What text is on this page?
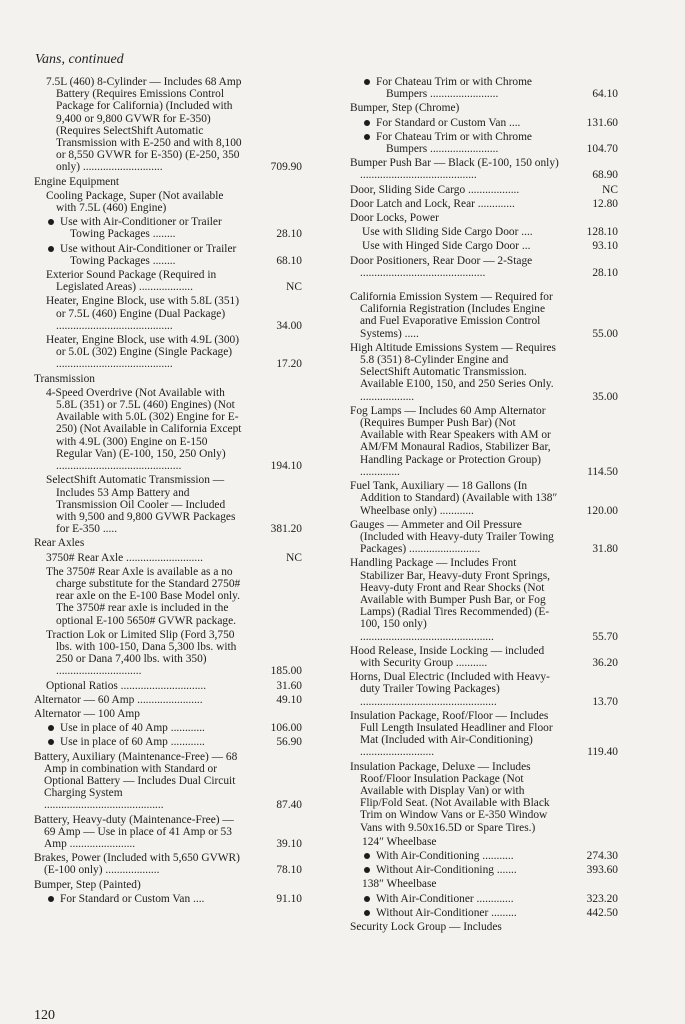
Vans, continued
7.5L (460) 8-Cylinder — Includes 68 Amp Battery (Requires Emissions Control Package for California) (Included with 9,400 or 9,800 GVWR for E-350) (Requires SelectShift Automatic Transmission with E-250 and with 8,100 or 8,550 GVWR for E-350) (E-250, 350 only) ............................	709.90
Engine Equipment
Cooling Package, Super (Not available with 7.5L (460) Engine)
Use with Air-Conditioner or Trailer Towing Packages ........	28.10
Use without Air-Conditioner or Trailer Towing Packages ........	68.10
Exterior Sound Package (Required in Legislated Areas) ...................	NC
Heater, Engine Block, use with 5.8L (351) or 7.5L (460) Engine (Dual Package) .........................................	34.00
Heater, Engine Block, use with 4.9L (300) or 5.0L (302) Engine (Single Package) .........................................	17.20
Transmission
4-Speed Overdrive (Not Available with 5.8L (351) or 7.5L (460) Engines) (Not Available with 5.0L (302) Engine for E-250) (Not Available in California Except with 4.9L (300) Engine on E-150 Regular Van) (E-100, 150, 250 Only) ............................................	194.10
SelectShift Automatic Transmission — Includes 53 Amp Battery and Transmission Oil Cooler — Included with 9,500 and 9,800 GVWR Packages for E-350 .....	381.20
Rear Axles
3750# Rear Axle ...........................	NC
The 3750# Rear Axle is available as a no charge substitute for the Standard 2750# rear axle on the E-100 Base Model only. The 3750# rear axle is included in the optional E-100 5650# GVWR package.
Traction Lok or Limited Slip (Ford 3,750 lbs. with 100-150, Dana 5,300 lbs. with 250 or Dana 7,400 lbs. with 350) ..............................	185.00
Optional Ratios ..............................	31.60
Alternator — 60 Amp .......................	49.10
Alternator — 100 Amp
Use in place of 40 Amp ............	106.00
Use in place of 60 Amp ............	56.90
Battery, Auxiliary (Maintenance-Free) — 68 Amp in combination with Standard or Optional Battery — Includes Dual Circuit Charging System ..........................................	87.40
Battery, Heavy-duty (Maintenance-Free) — 69 Amp — Use in place of 41 Amp or 53 Amp .......................	39.10
Brakes, Power (Included with 5,650 GVWR) (E-100 only) ...................	78.10
Bumper, Step (Painted)
For Standard or Custom Van ....	91.10
For Chateau Trim or with Chrome Bumpers ........................	64.10
Bumper, Step (Chrome)
For Standard or Custom Van ....	131.60
For Chateau Trim or with Chrome Bumpers ........................	104.70
Bumper Push Bar — Black (E-100, 150 only) .........................................	68.90
Door, Sliding Side Cargo ..................	NC
Door Latch and Lock, Rear .............	12.80
Door Locks, Power
Use with Sliding Side Cargo Door ....	128.10
Use with Hinged Side Cargo Door ...	93.10
Door Positioners, Rear Door — 2-Stage ............................................	28.10
California Emission System — Required for California Registration (Includes Engine and Fuel Evaporative Emission Control Systems) .....	55.00
High Altitude Emissions System — Requires 5.8 (351) 8-Cylinder Engine and SelectShift Automatic Transmission. Available E100, 150, and 250 Series Only. ...................	35.00
Fog Lamps — Includes 60 Amp Alternator (Requires Bumper Push Bar) (Not Available with Rear Speakers with AM or AM/FM Monaural Radios, Stabilizer Bar, Handling Package or Protection Group) ..............	114.50
Fuel Tank, Auxiliary — 18 Gallons (In Addition to Standard) (Available with 138″ Wheelbase only) ............	120.00
Gauges — Ammeter and Oil Pressure (Included with Heavy-duty Trailer Towing Packages) .........................	31.80
Handling Package — Includes Front Stabilizer Bar, Heavy-duty Front Springs, Heavy-duty Front and Rear Shocks (Not Available with Bumper Push Bar, or Fog Lamps) (Radial Tires Recommended) (E-100, 150 only) ...............................................	55.70
Hood Release, Inside Locking — included with Security Group ...........	36.20
Horns, Dual Electric (Included with Heavy-duty Trailer Towing Packages) ................................................	13.70
Insulation Package, Roof/Floor — Includes Full Length Insulated Headliner and Floor Mat (Included with Air-Conditioning) ..........................	119.40
Insulation Package, Deluxe — Includes Roof/Floor Insulation Package (Not Available with Display Van) or with Flip/Fold Seat. (Not Available with Black Trim on Window Vans or E-350 Window Vans with 9.50x16.5D or Spare Tires.)
124″ Wheelbase
With Air-Conditioning ...........	274.30
Without Air-Conditioning .......	393.60
138″ Wheelbase
With Air-Conditioner .............	323.20
Without Air-Conditioner .........	442.50
Security Lock Group — Includes
120
